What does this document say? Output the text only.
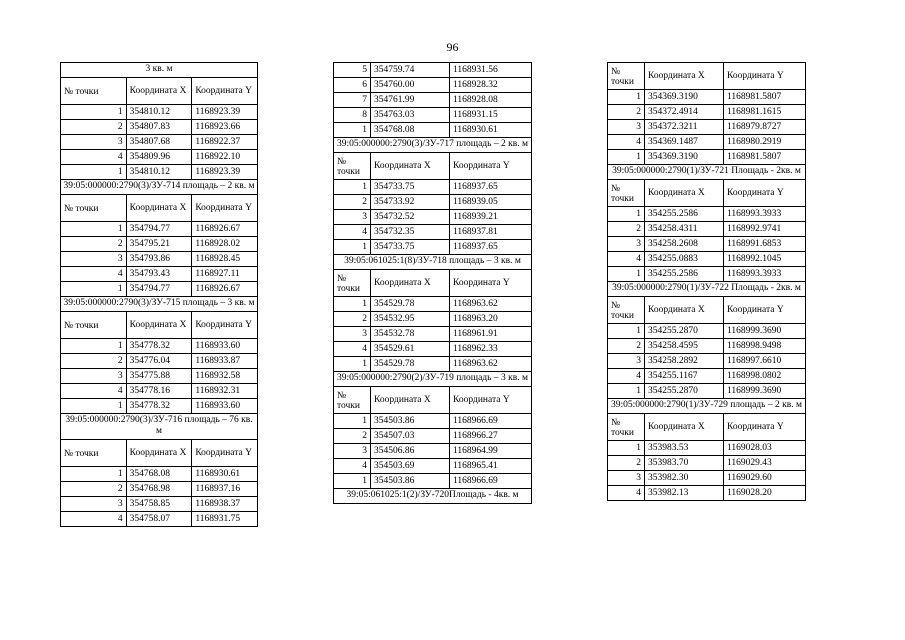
96
3 кв. м		
№ точки	Координата X	Координата Y
1	354810.12	1168923.39
2	354807.83	1168923.66
3	354807.68	1168922.37
4	354809.96	1168922.10
1	354810.12	1168923.39
39:05:000000:2790(3)/ЗУ-714 площадь – 2 кв. м		
№ точки	Координата X	Координата Y
1	354794.77	1168926.67
2	354795.21	1168928.02
3	354793.86	1168928.45
4	354793.43	1168927.11
1	354794.77	1168926.67
39:05:000000:2790(3)/ЗУ-715 площадь – 3 кв. м		
№ точки	Координата X	Координата Y
1	354778.32	1168933.60
2	354776.04	1168933.87
3	354775.88	1168932.58
4	354778.16	1168932.31
1	354778.32	1168933.60
39:05:000000:2790(3)/ЗУ-716 площадь – 76 кв. м		
№ точки	Координата X	Координата Y
1	354768.08	1168930.61
2	354768.98	1168937.16
3	354758.85	1168938.37
4	354758.07	1168931.75
5	354759.74	1168931.56
6	354760.00	1168928.32
7	354761.99	1168928.08
8	354763.03	1168931.15
1	354768.08	1168930.61
39:05:000000:2790(3)/ЗУ-717 площадь – 2 кв. м		
№ точки	Координата X	Координата Y
1	354733.75	1168937.65
2	354733.92	1168939.05
3	354732.52	1168939.21
4	354732.35	1168937.81
1	354733.75	1168937.65
39:05:061025:1(8)/ЗУ-718 площадь – 3 кв. м		
№ точки	Координата X	Координата Y
1	354529.78	1168963.62
2	354532.95	1168963.20
3	354532.78	1168961.91
4	354529.61	1168962.33
1	354529.78	1168963.62
39:05:000000:2790(2)/ЗУ-719 площадь – 3 кв. м		
№ точки	Координата X	Координата Y
1	354503.86	1168966.69
2	354507.03	1168966.27
3	354506.86	1168964.99
4	354503.69	1168965.41
1	354503.86	1168966.69
39:05:061025:1(2)/ЗУ-720Площадь - 4кв. м		
№ точки	Координата X	Координата Y
1	354369.3190	1168981.5807
2	354372.4914	1168981.1615
3	354372.3211	1168979.8727
4	354369.1487	1168980.2919
1	354369.3190	1168981.5807
39:05:000000:2790(1)/ЗУ-721 Площадь - 2кв. м		
№ точки	Координата X	Координата Y
1	354255.2586	1168993.3933
2	354258.4311	1168992.9741
3	354258.2608	1168991.6853
4	354255.0883	1168992.1045
1	354255.2586	1168993.3933
39:05:000000:2790(1)/ЗУ-722 Площадь - 2кв. м		
№ точки	Координата X	Координата Y
1	354255.2870	1168999.3690
2	354258.4595	1168998.9498
3	354258.2892	1168997.6610
4	354255.1167	1168998.0802
1	354255.2870	1168999.3690
39:05:000000:2790(1)/ЗУ-729 площадь – 2 кв. м		
№ точки	Координата X	Координата Y
1	353983.53	1169028.03
2	353983.70	1169029.43
3	353982.30	1169029.60
4	353982.13	1169028.20
